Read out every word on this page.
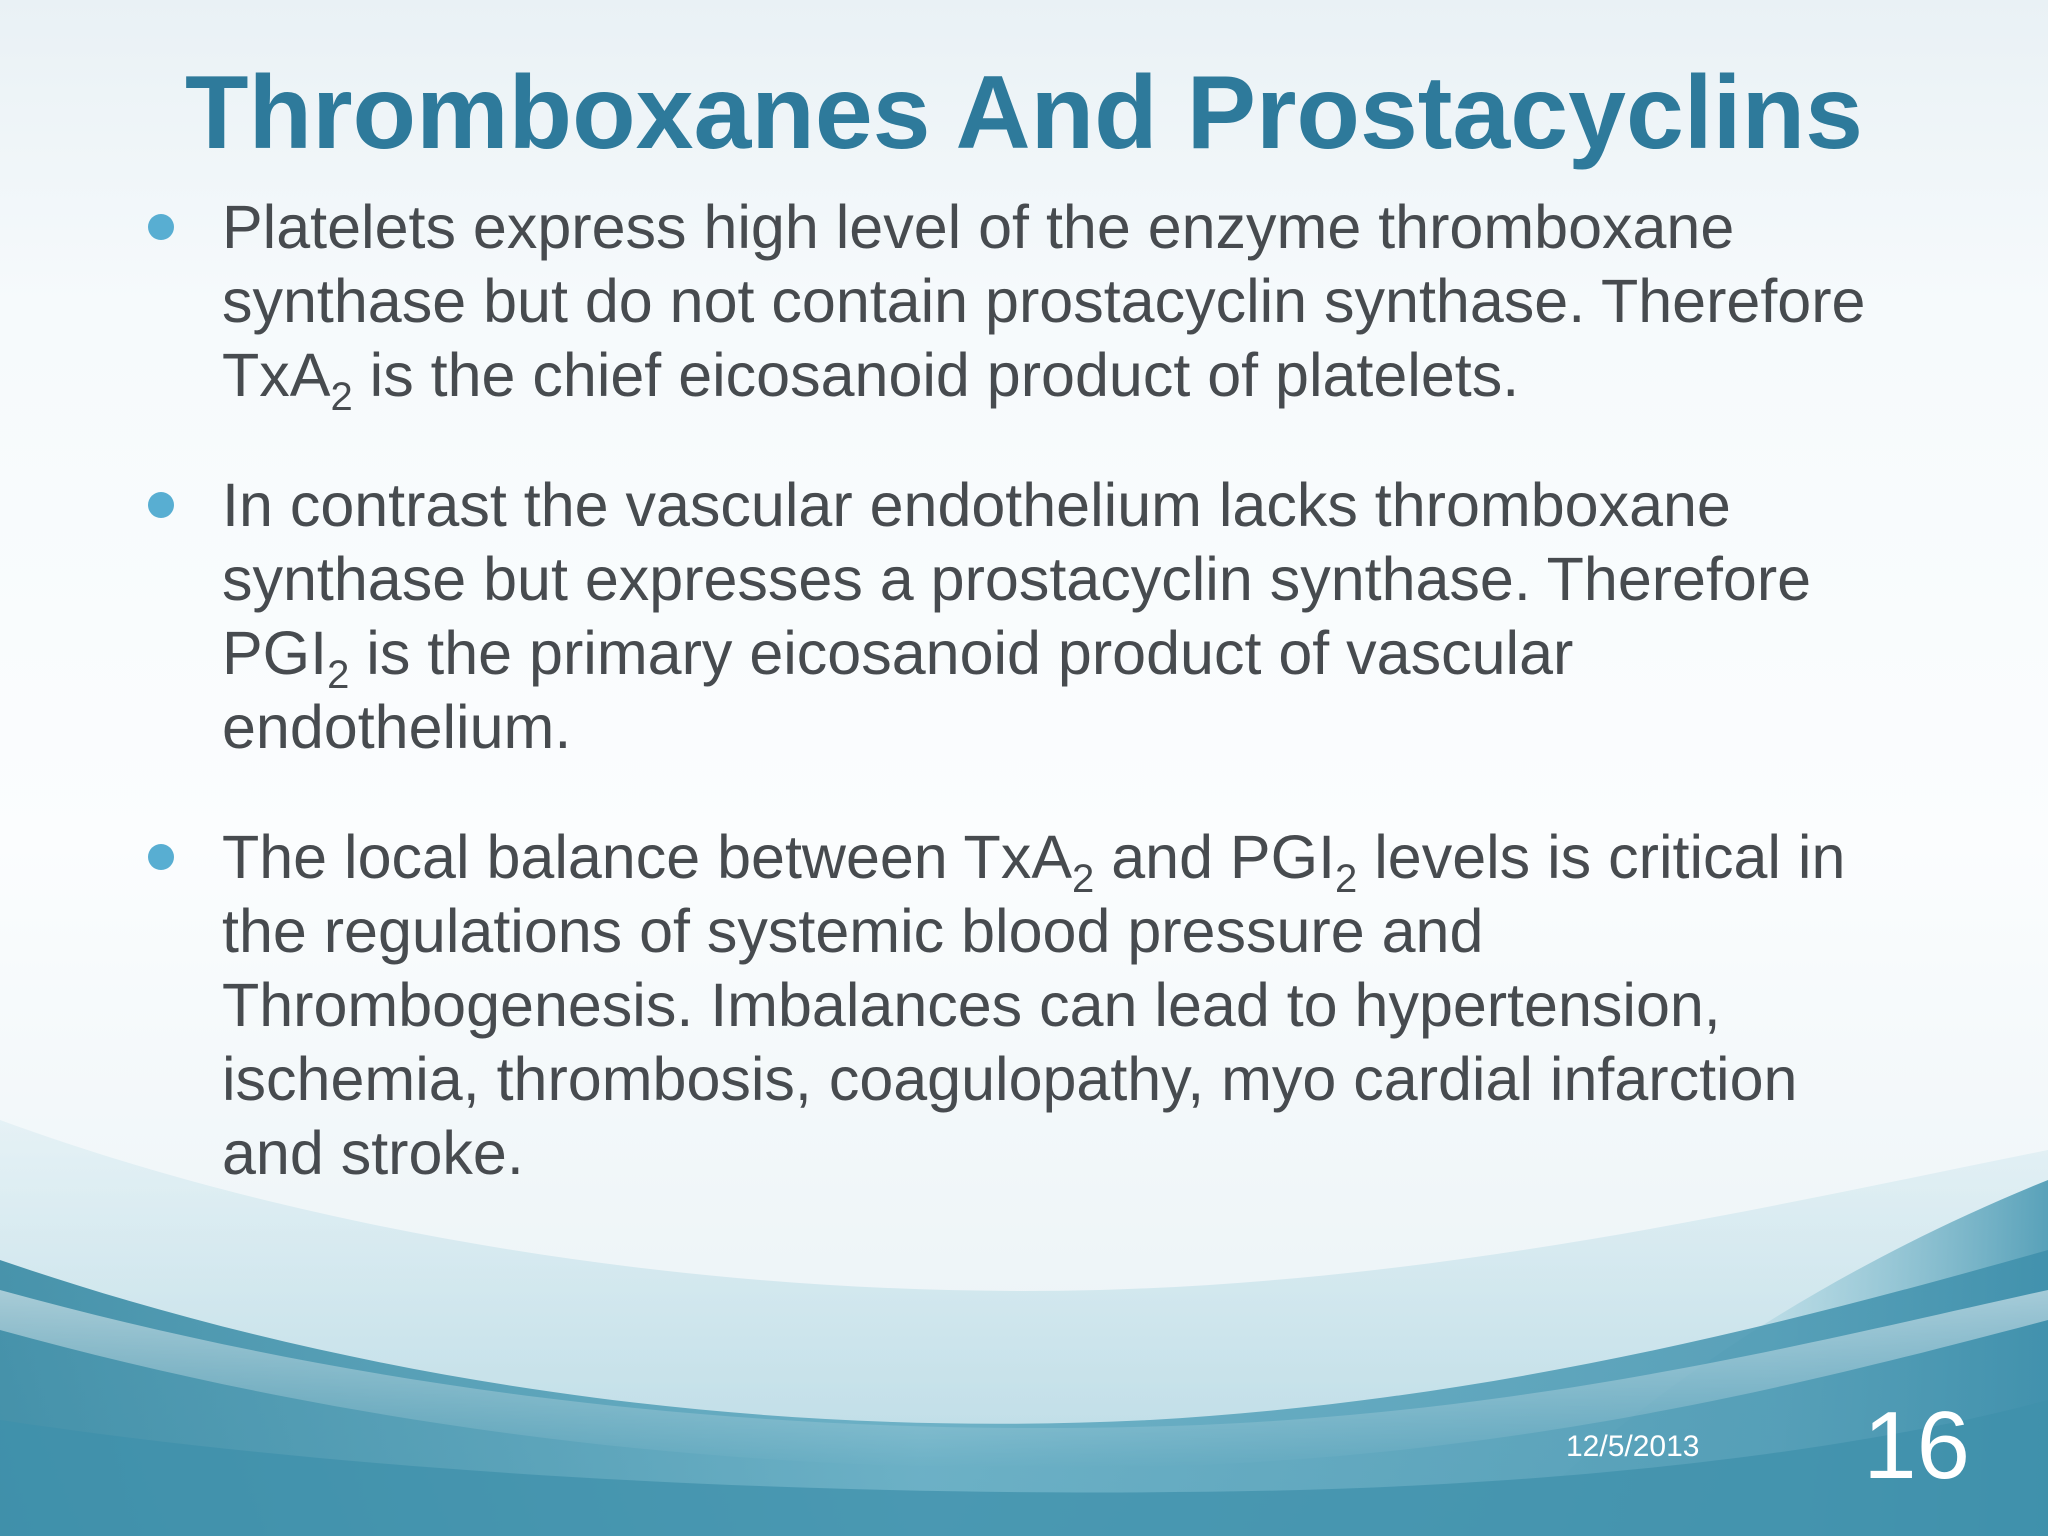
Thromboxanes And Prostacyclins
Platelets express high level of the enzyme thromboxane synthase but do not contain prostacyclin synthase. Therefore TxA$_2$ is the chief eicosanoid product of platelets.
In contrast the vascular endothelium lacks thromboxane synthase but expresses a prostacyclin synthase. Therefore $PGI_2$ is the primary eicosanoid product of vascular endothelium.
The local balance between TxA$_2$ and $PGI_2$ levels is critical in the regulations of systemic blood pressure and Thrombogenesis. Imbalances can lead to hypertension, ischemia, thrombosis, coagulopathy, myo cardial infarction and stroke.
12/5/2013 16
